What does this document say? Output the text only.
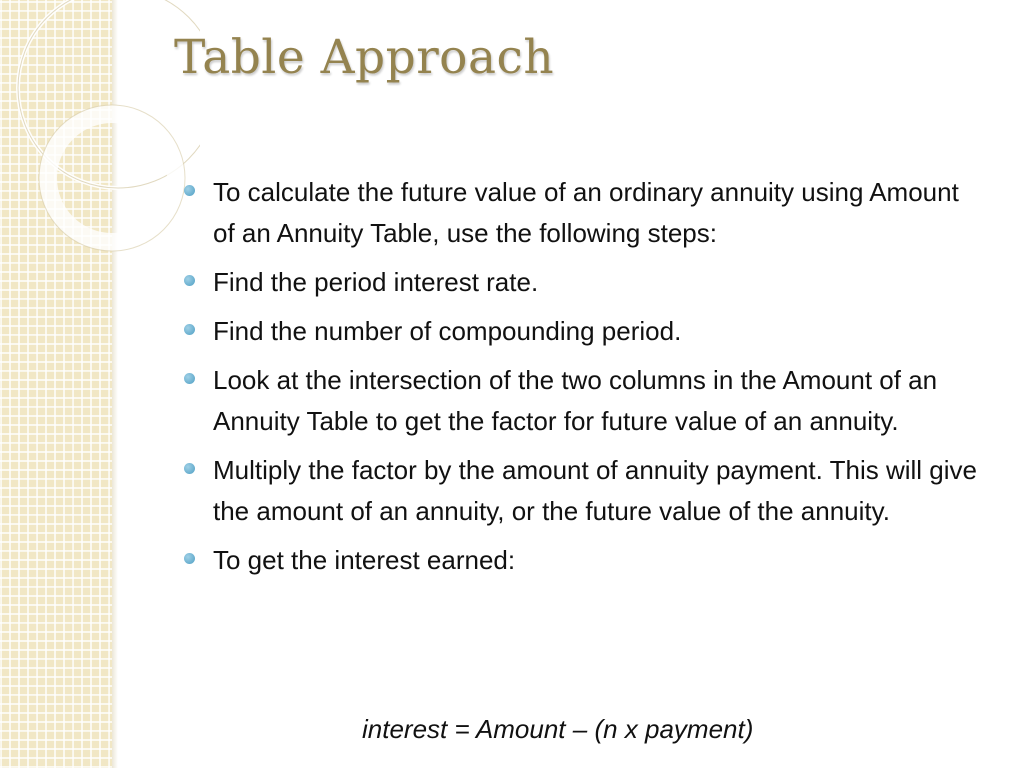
Table Approach
To calculate the future value of an ordinary annuity using Amount of an Annuity Table, use the following steps:
Find the period interest rate.
Find the number of compounding period.
Look at the intersection of the two columns in the Amount of an Annuity Table to get the factor for future value of an annuity.
Multiply the factor by the amount of annuity payment. This will give the amount of an annuity, or the future value of the annuity.
To get the interest earned:

interest = Amount – (n x payment)
